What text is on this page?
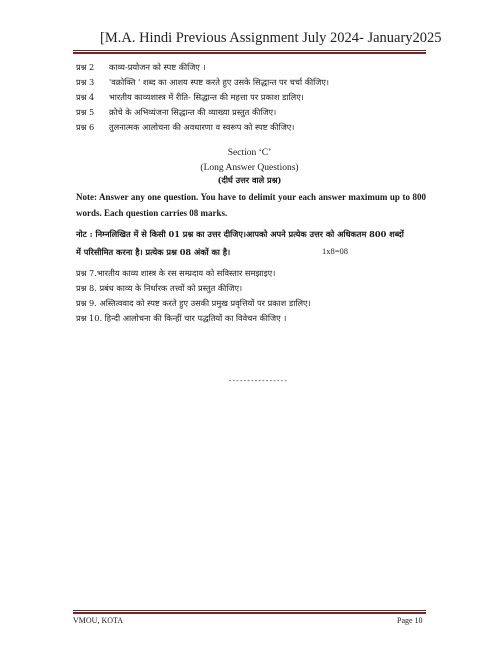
[M.A. Hindi Previous Assignment July 2024- January2025
प्रश्न 2 काव्य-प्रयोजन को स्पष्ट कीजिए ।
प्रश्न 3 'वक्रोक्ति ' शब्द का आशय स्पष्ट करते हुए उसके सिद्धान्त पर चर्चा कीजिए।
प्रश्न 4 भारतीय काव्यशास्त्र में रीति- सिद्धान्त की महत्ता पर प्रकाश डालिए।
प्रश्न 5 क्रोचे के अभिव्यंजना सिद्धान्त की व्याख्या प्रस्तुत कीजिए।
प्रश्न 6 तुलनात्मक आलोचना की अवधारणा व स्वरूप को स्पष्ट कीजिए।
Section ‘C’
(Long Answer Questions)
(दीर्घ उत्तर वाले प्रश्न)
Note: Answer any one question. You have to delimit your each answer maximum up to 800 words. Each question carries 08 marks.
नोट : निम्नलिखित में से किसी 01 प्रश्न का उत्तर दीजिए।आपको अपने प्रत्येक उत्तर को अधिकतम 800 शब्दों
में परिसीमित करना है। प्रत्येक प्रश्न 08 अंकों का है।	1x8=08
प्रश्न 7.भारतीय काव्य शास्त्र के रस सम्प्रदाय को सविस्तार समझाइए।
प्रश्न 8. प्रबंध काव्य के निर्धारक तत्त्वों को प्रस्तुत कीजिए।
प्रश्न 9. अस्तित्ववाद को स्पष्ट करते हुए उसकी प्रमुख प्रवृत्तियों पर प्रकाश डालिए।
प्रश्न 10. हिन्दी आलोचना की किन्हीं चार पद्धतियों का विवेचन कीजिए ।
----------------
VMOU, KOTA	Page 10
